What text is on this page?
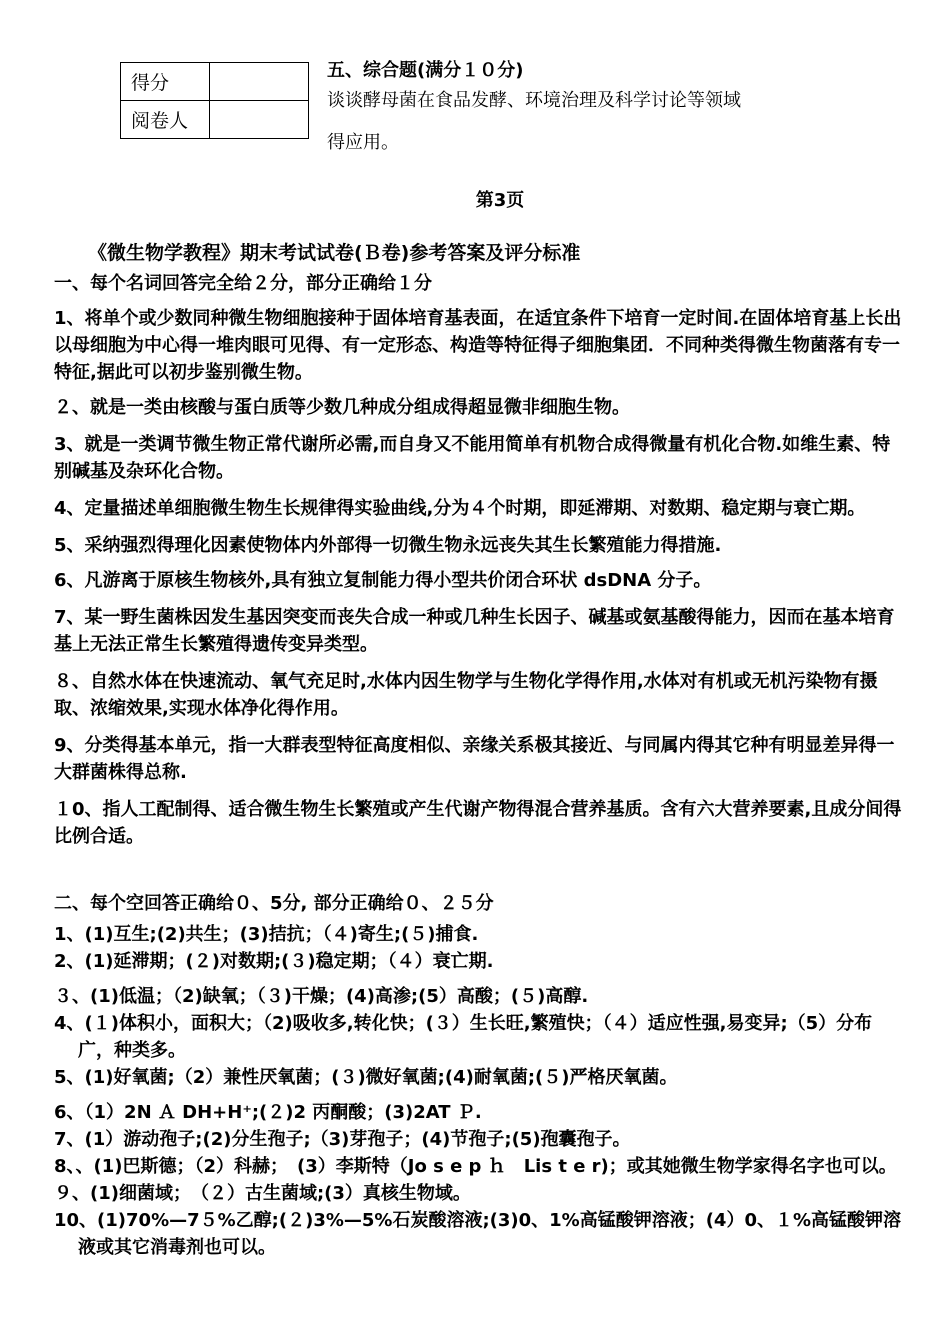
得分	
阅卷人	
五、综合题(满分１０分)
谈谈酵母菌在食品发酵、环境治理及科学讨论等领域
得应用。
第3页
《微生物学教程》期末考试试卷(Ｂ卷)参考答案及评分标准

一、每个名词回答完全给２分，部分正确给１分

1、将单个或少数同种微生物细胞接种于固体培育基表面，在适宜条件下培育一定时间.在固体培育基上长出以母细胞为中心得一堆肉眼可见得、有一定形态、构造等特征得子细胞集团．不同种类得微生物菌落有专一特征,据此可以初步鉴别微生物。

２、就是一类由核酸与蛋白质等少数几种成分组成得超显微非细胞生物。

3、就是一类调节微生物正常代谢所必需,而自身又不能用简单有机物合成得微量有机化合物.如维生素、特别碱基及杂环化合物。

4、定量描述单细胞微生物生长规律得实验曲线,分为４个时期，即延滞期、对数期、稳定期与衰亡期。

5、采纳强烈得理化因素使物体内外部得一切微生物永远丧失其生长繁殖能力得措施.

6、凡游离于原核生物核外,具有独立复制能力得小型共价闭合环状 dsDNA 分子。

7、某一野生菌株因发生基因突变而丧失合成一种或几种生长因子、碱基或氨基酸得能力，因而在基本培育基上无法正常生长繁殖得遗传变异类型。

８、自然水体在快速流动、氧气充足时,水体内因生物学与生物化学得作用,水体对有机或无机污染物有摄取、浓缩效果,实现水体净化得作用。

9、分类得基本单元，指一大群表型特征高度相似、亲缘关系极其接近、与同属内得其它种有明显差异得一大群菌株得总称.

１0、指人工配制得、适合微生物生长繁殖或产生代谢产物得混合营养基质。含有六大营养要素,且成分间得比例合适。

二、每个空回答正确给０、5分, 部分正确给０、２５分

1、(1)互生;(2)共生；(3)拮抗；（４)寄生;(５)捕食.

2、(1)延滞期；(２)对数期;(３)稳定期；（４）衰亡期.

３、(1)低温；（2)缺氧；（３)干燥；(4)高渗;(5）高酸；(５)高醇.

4、(１)体积小，面积大；（2)吸收多,转化快；(３）生长旺,繁殖快；（４）适应性强,易变异;（5）分布广，种类多。

5、(1)好氧菌;（2）兼性厌氧菌；(３)微好氧菌;(4)耐氧菌;(５)严格厌氧菌。

6、（1）2N Ａ DH+H⁺;(２)2 丙酮酸；(3)2AT Ｐ.

7、(1）游动孢子;(2)分生孢子;（3)芽孢子；(4)节孢子;(5)孢囊孢子。

8、、(1)巴斯德；（2）科赫；　(3）李斯特（Jo s e p ｈ　Lis t e r)；或其她微生物学家得名字也可以。

９、(1)细菌域；　（２）古生菌域;(3）真核生物域。

10、(1)70%—7５%乙醇;(２)3%—5%石炭酸溶液;(3)0、1%高锰酸钾溶液；(4）0、１%高锰酸钾溶液或其它消毒剂也可以。
